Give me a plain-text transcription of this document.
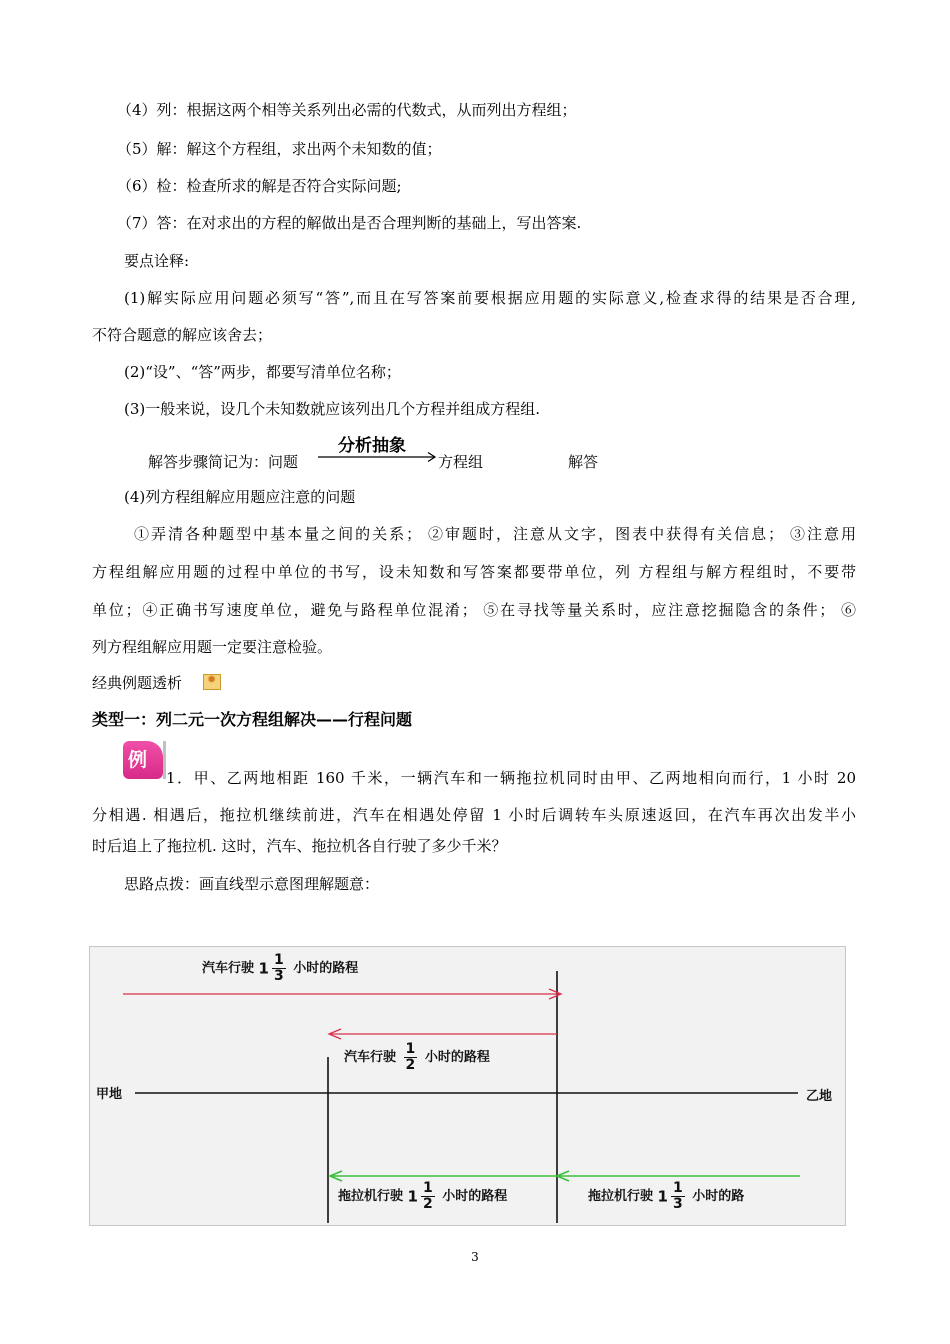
（4）列：根据这两个相等关系列出必需的代数式，从而列出方程组；
（5）解：解这个方程组，求出两个未知数的值；
（6）检：检查所求的解是否符合实际问题;
（7）答：在对求出的方程的解做出是否合理判断的基础上，写出答案.
要点诠释:
(1)解实际应用问题必须写“答”,而且在写答案前要根据应用题的实际意义,检查求得的结果是否合理,
不符合题意的解应该舍去；
(2)“设”、“答”两步，都要写清单位名称；
(3)一般来说，设几个未知数就应该列出几个方程并组成方程组.
解答步骤简记为：问题
分析抽象
方程组	解答
(4)列方程组解应用题应注意的问题
①弄清各种题型中基本量之间的关系； ②审题时，注意从文字，图表中获得有关信息； ③注意用
方程组解应用题的过程中单位的书写，设未知数和写答案都要带单位，列 方程组与解方程组时，不要带
单位；④正确书写速度单位，避免与路程单位混淆； ⑤在寻找等量关系时，应注意挖掘隐含的条件； ⑥
列方程组解应用题一定要注意检验。
经典例题透析
✹
类型一：列二元一次方程组解决——行程问题
例
1．甲、乙两地相距 160 千米，一辆汽车和一辆拖拉机同时由甲、乙两地相向而行，1 小时 20
分相遇. 相遇后，拖拉机继续前进，汽车在相遇处停留 1 小时后调转车头原速返回，在汽车再次出发半小
时后追上了拖拉机. 这时，汽车、拖拉机各自行驶了多少千米？
思路点拨：画直线型示意图理解题意：
甲地	乙地
汽车行驶 $1 \frac{1}{3}$ 小时的路程
汽车行驶 $\frac{1}{2}$ 小时的路程
拖拉机行驶 $1 \frac{1}{2}$ 小时的路程	拖拉机行驶 $1 \frac{1}{3}$ 小时的路
3
